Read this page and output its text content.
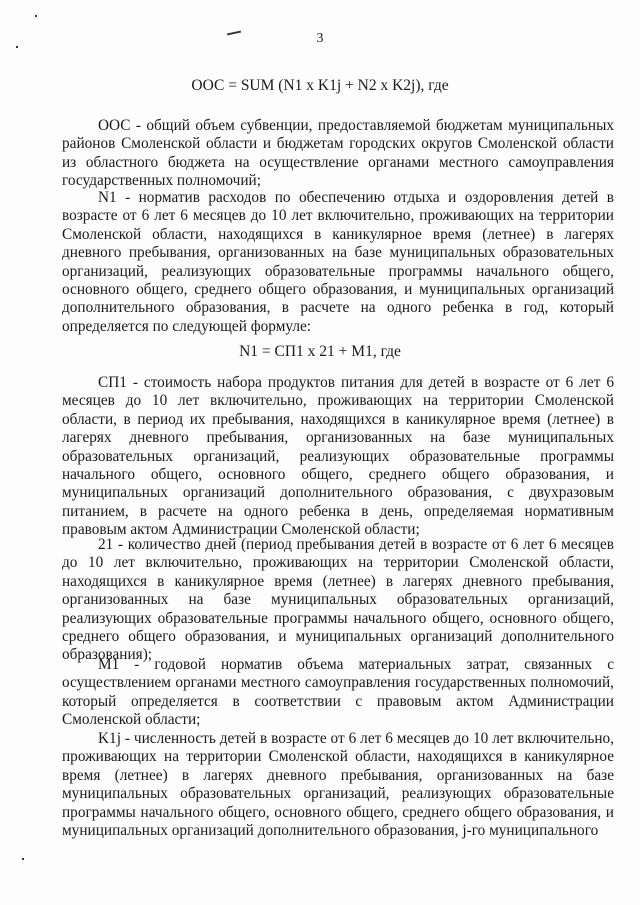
3
ООС = SUM (N1 x K1j + N2 x K2j), где

ООС - общий объем субвенции, предоставляемой бюджетам муниципальных районов Смоленской области и бюджетам городских округов Смоленской области из областного бюджета на осуществление органами местного самоуправления государственных полномочий;

N1 - норматив расходов по обеспечению отдыха и оздоровления детей в возрасте от 6 лет 6 месяцев до 10 лет включительно, проживающих на территории Смоленской области, находящихся в каникулярное время (летнее) в лагерях дневного пребывания, организованных на базе муниципальных образовательных организаций, реализующих образовательные программы начального общего, основного общего, среднего общего образования, и муниципальных организаций дополнительного образования, в расчете на одного ребенка в год, который определяется по следующей формуле:

N1 = СП1 x 21 + М1, где

СП1 - стоимость набора продуктов питания для детей в возрасте от 6 лет 6 месяцев до 10 лет включительно, проживающих на территории Смоленской области, в период их пребывания, находящихся в каникулярное время (летнее) в лагерях дневного пребывания, организованных на базе муниципальных образовательных организаций, реализующих образовательные программы начального общего, основного общего, среднего общего образования, и муниципальных организаций дополнительного образования, с двухразовым питанием, в расчете на одного ребенка в день, определяемая нормативным правовым актом Администрации Смоленской области;

21 - количество дней (период пребывания детей в возрасте от 6 лет 6 месяцев до 10 лет включительно, проживающих на территории Смоленской области, находящихся в каникулярное время (летнее) в лагерях дневного пребывания, организованных на базе муниципальных образовательных организаций, реализующих образовательные программы начального общего, основного общего, среднего общего образования, и муниципальных организаций дополнительного образования);

М1 - годовой норматив объема материальных затрат, связанных с осуществлением органами местного самоуправления государственных полномочий, который определяется в соответствии с правовым актом Администрации Смоленской области;

K1j - численность детей в возрасте от 6 лет 6 месяцев до 10 лет включительно, проживающих на территории Смоленской области, находящихся в каникулярное время (летнее) в лагерях дневного пребывания, организованных на базе муниципальных образовательных организаций, реализующих образовательные программы начального общего, основного общего, среднего общего образования, и муниципальных организаций дополнительного образования, j-го муниципального
